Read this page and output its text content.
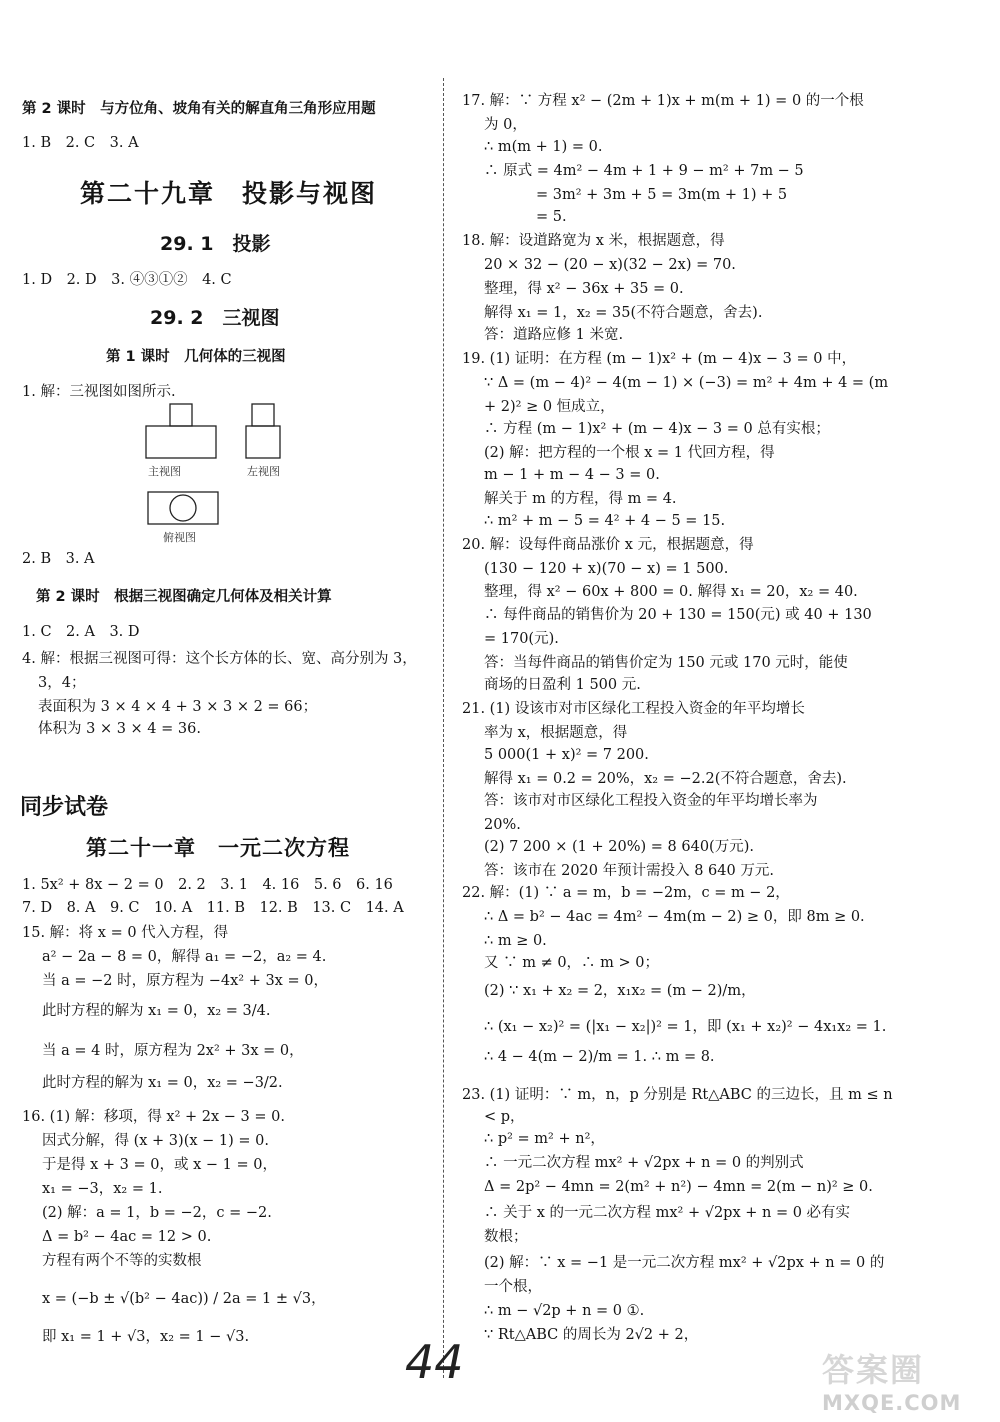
第 2 课时　与方位角、坡角有关的解直角三角形应用题
1. B　2. C　3. A
第二十九章　投影与视图
29. 1　投影
1. D　2. D　3. ④③①②　4. C
29. 2　三视图
第 1 课时　几何体的三视图
1. 解：三视图如图所示.
主视图	左视图
俯视图
2. B　3. A
第 2 课时　根据三视图确定几何体及相关计算
1. C　2. A　3. D
4. 解：根据三视图可得：这个长方体的长、宽、高分别为 3，
3，4；
表面积为 3 × 4 × 4 + 3 × 3 × 2 = 66；
体积为 3 × 3 × 4 = 36.
同步试卷
第二十一章　一元二次方程
1. 5x² + 8x − 2 = 0　2. 2　3. 1　4. 16　5. 6　6. 16
7. D　8. A　9. C　10. A　11. B　12. B　13. C　14. A
15. 解：将 x = 0 代入方程，得
a² − 2a − 8 = 0，解得 a₁ = −2，a₂ = 4.
当 a = −2 时，原方程为 −4x² + 3x = 0，
此时方程的解为 x₁ = 0，x₂ = 3/4.
当 a = 4 时，原方程为 2x² + 3x = 0，
此时方程的解为 x₁ = 0，x₂ = −3/2.
16. (1) 解：移项，得 x² + 2x − 3 = 0.
因式分解，得 (x + 3)(x − 1) = 0.
于是得 x + 3 = 0，或 x − 1 = 0，
x₁ = −3，x₂ = 1.
(2) 解：a = 1，b = −2，c = −2.
Δ = b² − 4ac = 12 > 0.
方程有两个不等的实数根
x = (−b ± √(b² − 4ac)) / 2a = 1 ± √3，
即 x₁ = 1 + √3，x₂ = 1 − √3.
17. 解：∵ 方程 x² − (2m + 1)x + m(m + 1) = 0 的一个根
为 0，
∴ m(m + 1) = 0.
∴ 原式 = 4m² − 4m + 1 + 9 − m² + 7m − 5
= 3m² + 3m + 5 = 3m(m + 1) + 5
= 5.
18. 解：设道路宽为 x 米，根据题意，得
20 × 32 − (20 − x)(32 − 2x) = 70.
整理，得 x² − 36x + 35 = 0.
解得 x₁ = 1，x₂ = 35(不符合题意，舍去).
答：道路应修 1 米宽.
19. (1) 证明：在方程 (m − 1)x² + (m − 4)x − 3 = 0 中，
∵ Δ = (m − 4)² − 4(m − 1) × (−3) = m² + 4m + 4 = (m
+ 2)² ≥ 0 恒成立，
∴ 方程 (m − 1)x² + (m − 4)x − 3 = 0 总有实根；
(2) 解：把方程的一个根 x = 1 代回方程，得
m − 1 + m − 4 − 3 = 0.
解关于 m 的方程，得 m = 4.
∴ m² + m − 5 = 4² + 4 − 5 = 15.
20. 解：设每件商品涨价 x 元，根据题意，得
(130 − 120 + x)(70 − x) = 1 500.
整理，得 x² − 60x + 800 = 0. 解得 x₁ = 20，x₂ = 40.
∴ 每件商品的销售价为 20 + 130 = 150(元) 或 40 + 130
= 170(元).
答：当每件商品的销售价定为 150 元或 170 元时，能使
商场的日盈利 1 500 元.
21. (1) 设该市对市区绿化工程投入资金的年平均增长
率为 x，根据题意，得
5 000(1 + x)² = 7 200.
解得 x₁ = 0.2 = 20%，x₂ = −2.2(不符合题意，舍去).
答：该市对市区绿化工程投入资金的年平均增长率为
20%.
(2) 7 200 × (1 + 20%) = 8 640(万元).
答：该市在 2020 年预计需投入 8 640 万元.
22. 解：(1) ∵ a = m，b = −2m，c = m − 2，
∴ Δ = b² − 4ac = 4m² − 4m(m − 2) ≥ 0，即 8m ≥ 0.
∴ m ≥ 0.
又 ∵ m ≠ 0，∴ m > 0；
(2) ∵ x₁ + x₂ = 2，x₁x₂ = (m − 2)/m，
∴ (x₁ − x₂)² = (|x₁ − x₂|)² = 1，即 (x₁ + x₂)² − 4x₁x₂ = 1.
∴ 4 − 4(m − 2)/m = 1. ∴ m = 8.
23. (1) 证明：∵ m，n，p 分别是 Rt△ABC 的三边长，且 m ≤ n
< p，
∴ p² = m² + n²，
∴ 一元二次方程 mx² + √2px + n = 0 的判别式
Δ = 2p² − 4mn = 2(m² + n²) − 4mn = 2(m − n)² ≥ 0.
∴ 关于 x 的一元二次方程 mx² + √2px + n = 0 必有实
数根；
(2) 解：∵ x = −1 是一元二次方程 mx² + √2px + n = 0 的
一个根，
∴ m − √2p + n = 0 ①.
∵ Rt△ABC 的周长为 2√2 + 2，
44	答案圈
MXQE.COM
